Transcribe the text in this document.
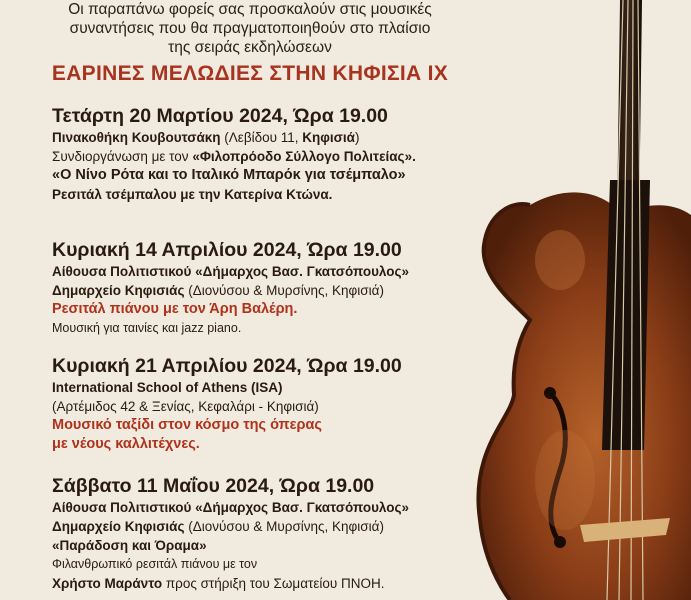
Οι παραπάνω φορείς σας προσκαλούν στις μουσικές
συναντήσεις που θα πραγματοποιηθούν στο πλαίσιο
της σειράς εκδηλώσεων
ΕΑΡΙΝΕΣ ΜΕΛΩΔΙΕΣ ΣΤΗΝ ΚΗΦΙΣΙΑ IX
Τετάρτη 20 Μαρτίου 2024, Ώρα 19.00
Πινακοθήκη Κουβουτσάκη (Λεβίδου 11, Κηφισιά)
Συνδιοργάνωση με τον «Φιλοπρόοδο Σύλλογο Πολιτείας».
«Ο Νίνο Ρότα και το Ιταλικό Μπαρόκ για τσέμπαλο»
Ρεσιτάλ τσέμπαλου με την Κατερίνα Κτώνα.
Κυριακή 14 Απριλίου 2024, Ώρα 19.00
Αίθουσα Πολιτιστικού «Δήμαρχος Βασ. Γκατσόπουλος»
Δημαρχείο Κηφισιάς (Διονύσου & Μυρσίνης, Κηφισιά)
Ρεσιτάλ πιάνου με τον Άρη Βαλέρη.
Μουσική για ταινίες και jazz piano.
Κυριακή 21 Απριλίου 2024, Ώρα 19.00
International School of Athens (ISA)
(Αρτέμιδος 42 & Ξενίας, Κεφαλάρι - Κηφισιά)
Μουσικό ταξίδι στον κόσμο της όπερας
με νέους καλλιτέχνες.
Σάββατο 11 Μαΐου 2024, Ώρα 19.00
Αίθουσα Πολιτιστικού «Δήμαρχος Βασ. Γκατσόπουλος»
Δημαρχείο Κηφισιάς (Διονύσου & Μυρσίνης, Κηφισιά)
«Παράδοση και Όραμα»
Φιλανθρωπικό ρεσιτάλ πιάνου με τον
Χρήστο Μαράντο προς στήριξη του Σωματείου ΠΝΟΗ.
